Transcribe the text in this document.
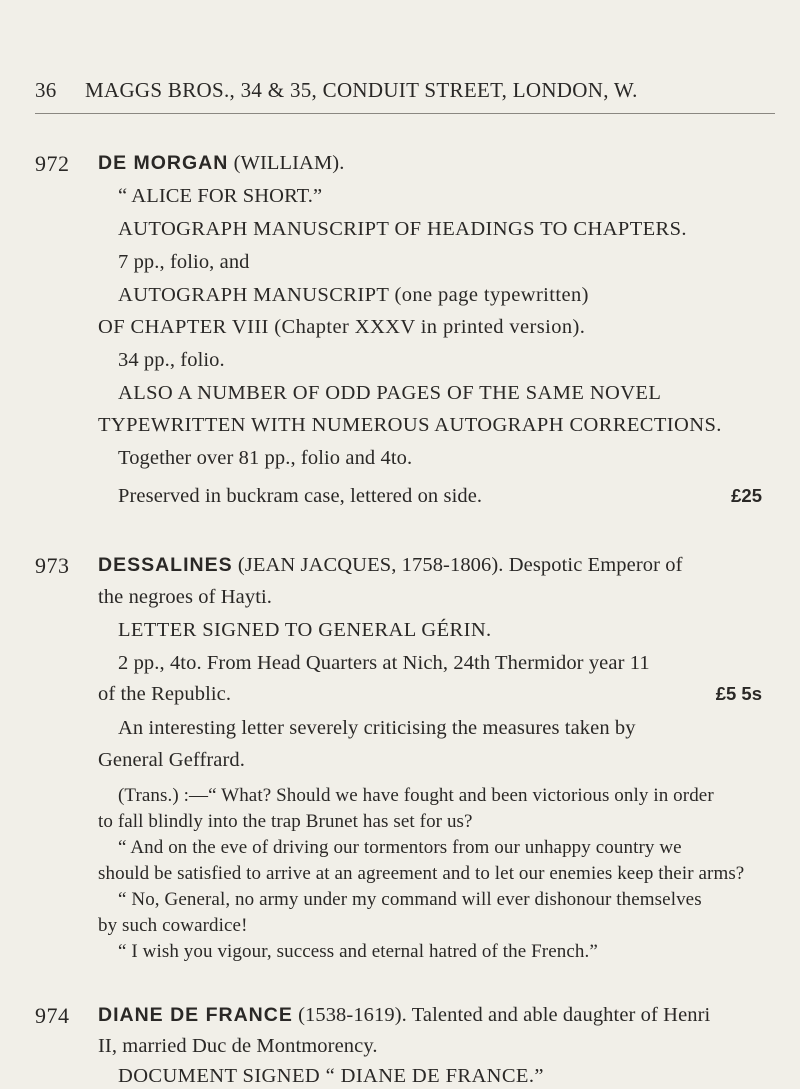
36 MAGGS BROS., 34 & 35, CONDUIT STREET, LONDON, W.
972 DE MORGAN (WILLIAM).
“ ALICE FOR SHORT.”
AUTOGRAPH MANUSCRIPT OF HEADINGS TO CHAPTERS.
7 pp., folio, and
AUTOGRAPH MANUSCRIPT (one page typewritten)
OF CHAPTER VIII (Chapter XXXV in printed version).
34 pp., folio.
ALSO A NUMBER OF ODD PAGES OF THE SAME NOVEL
TYPEWRITTEN WITH NUMEROUS AUTOGRAPH CORRECTIONS.
Together over 81 pp., folio and 4to.
Preserved in buckram case, lettered on side.	£25
973 DESSALINES (JEAN JACQUES, 1758-1806). Despotic Emperor of
the negroes of Hayti.
LETTER SIGNED TO GENERAL GÉRIN.
2 pp., 4to. From Head Quarters at Nich, 24th Thermidor year 11
of the Republic.	£5 5s
An interesting letter severely criticising the measures taken by
General Geffrard.
(Trans.) :—“ What? Should we have fought and been victorious only in order
to fall blindly into the trap Brunet has set for us?
“ And on the eve of driving our tormentors from our unhappy country we
should be satisfied to arrive at an agreement and to let our enemies keep their arms?
“ No, General, no army under my command will ever dishonour themselves
by such cowardice!
“ I wish you vigour, success and eternal hatred of the French.”
974 DIANE DE FRANCE (1538-1619). Talented and able daughter of Henri
II, married Duc de Montmorency.
DOCUMENT SIGNED “ DIANE DE FRANCE.”
